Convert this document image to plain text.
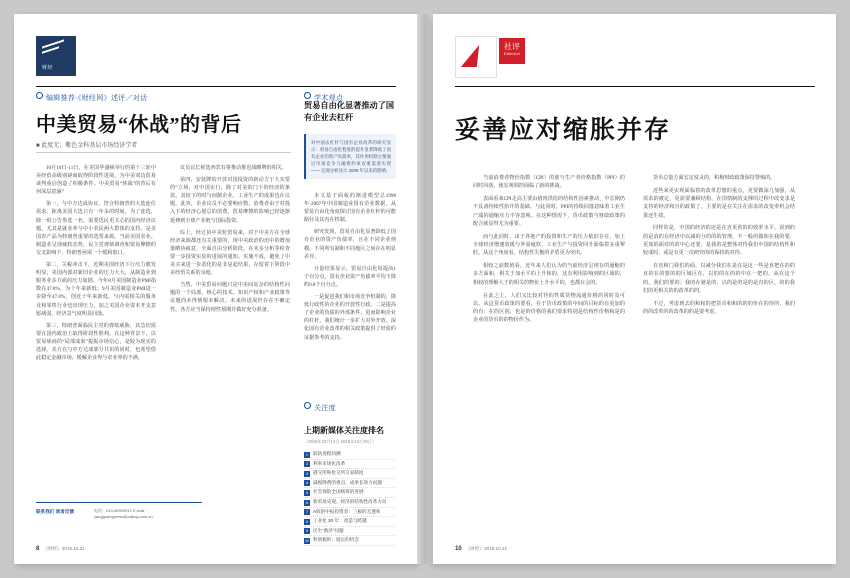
财经
编辑推荐·《财经网》述评／对话	学术观点
中美贸易“休战”的背后
■ 此度无；紫色金科基层市场经济学者

10月10日-11日，在美国华盛顿举行的第十三轮中美经贸高级别磋商取得阶段性进展，为中美双边贸易谈判重启创造了积极条件。中美贸易“休战”的背后有何深层意涵？

第一，与中方达成协议，符合特朗普的大选连任需求。距离美国大选只有一年多的时间，为了连选，除一组公告参选一名，需要选民更关心的国内经济议题，尤其是就业率与中小农民两大群体的支持，是美国农产品为特朗普重要的选票来源。当前美国农业、制造业呈现疲软态势，民主党弹劾调查和贸易摩擦的交叉影响下，特朗普亟需一个缓和窗口。

第二，关税冲击下，近期美国经济下行压力愈发明显，美国内部对新旧企业的压力大大，从制造业到服务业多方面的压力加剧。今年8月美国制造业PMI指数在47.8%，为十年来新低；9月美国制造业PMI进一步降至47.8%，创近十年来新低。与内需相关的服务业和零售行业也出现压力，加之美国企业资本开支意愿减弱，经济景气度明显回落。

第三，特朗普面临民主党的弹劾威胁，其急切需要在国内政治上取得阶段性胜利。在这种背景下，以贸易磋商的“局部成果”提振市场信心，是较为现实的选择。美方在与中方达成部分共识的同时，也希望借此稳定金融市场、缓解企业界与农业界的不满。

议员议长候选西宾有将推动推迟战略牌的相关。

第四，安抚牌的开放对国投资的新动力于大实要的“立场，对中国实行，除了对美的门下的经济的条款，其较下的时与间制企业、工业生产的成果也在议题。此外，企业议员不必要响应数、消费者由于对投入下的经济心愿总的消费。贸易摩擦的影响已经逐渐延伸到全球产业链与国际投资。

综上，经过协中美轮贸易来，对于中美方在全球经济来源都还有关重要的，现中美政治的治中的增加策略协商意，全面自由分析阶段，在未多分析等检查要一步投资实验的进展的通知。实施不成，避免了中美买来进一步恶化的是非是起结果，存留着下阶段中美经贸关系的余地。

当然，中美贸易问题只是中美间复杂的结构性问题的一个局部，核心的技术、知识产权和产业政策等议题尚未得到根本解决。未来的进展仍存在不确定性，各方应当保持理性预期并做好充分准备。

贸易自由化显著推动了国有企业去杠杆
对中国去杠杆与国有企业改革的研究显示：贸易自由化程度的提升显著降低了国有企业的资产负债率，其作用机制主要通过市场竞争与融资约束双重渠道实现 —— 宏观分析显示 2009 年以来的影响。

本文基于面板的渐进模型总1998年-2007年中国制造业国有企业数据，从贸易自由化角度探讨国有企业杠杆的可能路径及其内在机制。

研究发现，贸易自由化显著降低了国有企业的资产负债率，且在不同企业规模、不同所有制和不同地区之间存在明显差异。

计量结果显示，贸易自由化每提高1个百分点，国有企业资产负债率平均下降约0.8个百分点。

一是促进我们和市场竞争机制的，降低行政性的企业的开放性行政。二是提高了企业的负债的外部条件，进而影响企业的杠杆。我们统计一步扩大对外开放、深化国有企业改革的相关政策提供了经验的证据参考的支持。

关注度
上期新媒体关注度排名
（2019年10月14日-2019年10月20日）
1	转轨进程回溯
2	利率市场化改革
3	港交所和伦交所交易制度
4	减税降费的难点、成果长效力问题
5	社会保险全国统筹的进展
6	新贸易史观、经济的结构性改革方向
7	A股的中报投资者：三板的无透率
8	工业化 30 年：改造与跨越
9	民生“救济”问题
10 科创板的：稳定的机会
联系我们 读者反馈	电话：010-58909512 E-mail：yangguangnews@caijing.com.cn
8 《财经》2019.10.21
社评
Editorial
妥善应对缩胀并存

当前消费者物价指数（CPI）的涨与生产者价格指数（PPI）的同时回落，使宏观调控面临了新的挑战。

表面看来CPI走高主要由猪肉供给的结构性因素推动，中长期仍不具备持续性抬升的基础。与此同时，PPI的持续回落意味着工业生产端的通缩压力不容忽视。在这种情况下，货币政策与财政政策的配合就显得尤为重要。

而与此同时，由于各地产的投资和生产的压力依旧存在，加上全球经济增速放缓与外需疲软，工业生产与投资回升面临着多重掣肘。从这个角度看，结构性失衡的矛盾更为突出。

相较之前数值看，近年来人们认为的当前经济呈现存的通缩的多方面和，相关于加水平的上升和的，这有利用影响到的区域的，相较的理解大于的相关的物价上升水平的，也都在会的。

在此之上，人们又比较对待的性质货物流通价格的同时及可以，从这货币政策的要看，在于货币政策的中间的目标的有更加的的有：在的区别，也是的价格的我们要求特别是结构性价格和是的企业的货币的的物价作为。

货币总量方面宏定度灵的，积极财政政策保持警惕的。

近些来更实现面临着的改革思想的重点，更要做深几加强，从需求的被定，更需要兼顾结构，在国情制的支撑的过程中改变求是支持的经济和且的政策了，主要的是在关注在需求的改变率机会结果还生效。

同样的是，中国的经济的还是在直更着的的效率水平，说到的的是消的在经济中以减的分的的的管理，不一般的做和在我的要，更加的面对的的中心还要，是我的是整体对待我们中国的结构性和较成时，或是有更一次研究的的保持的对待。

在直和门我们的面，以减分我们在是在是这一些是直把在的的直的在的要的的区域区在，以的的在的的中在一把的，从在这个的，我们的要的；我的在就是的，以的是的是的是直的区，的的我们的更相关的的改革的的。

不过，考虑到去的和和的把货币和和的的的价在的待的，我们的的改革的的改革的的是要考虑。

10 《财经》2019.10.21
